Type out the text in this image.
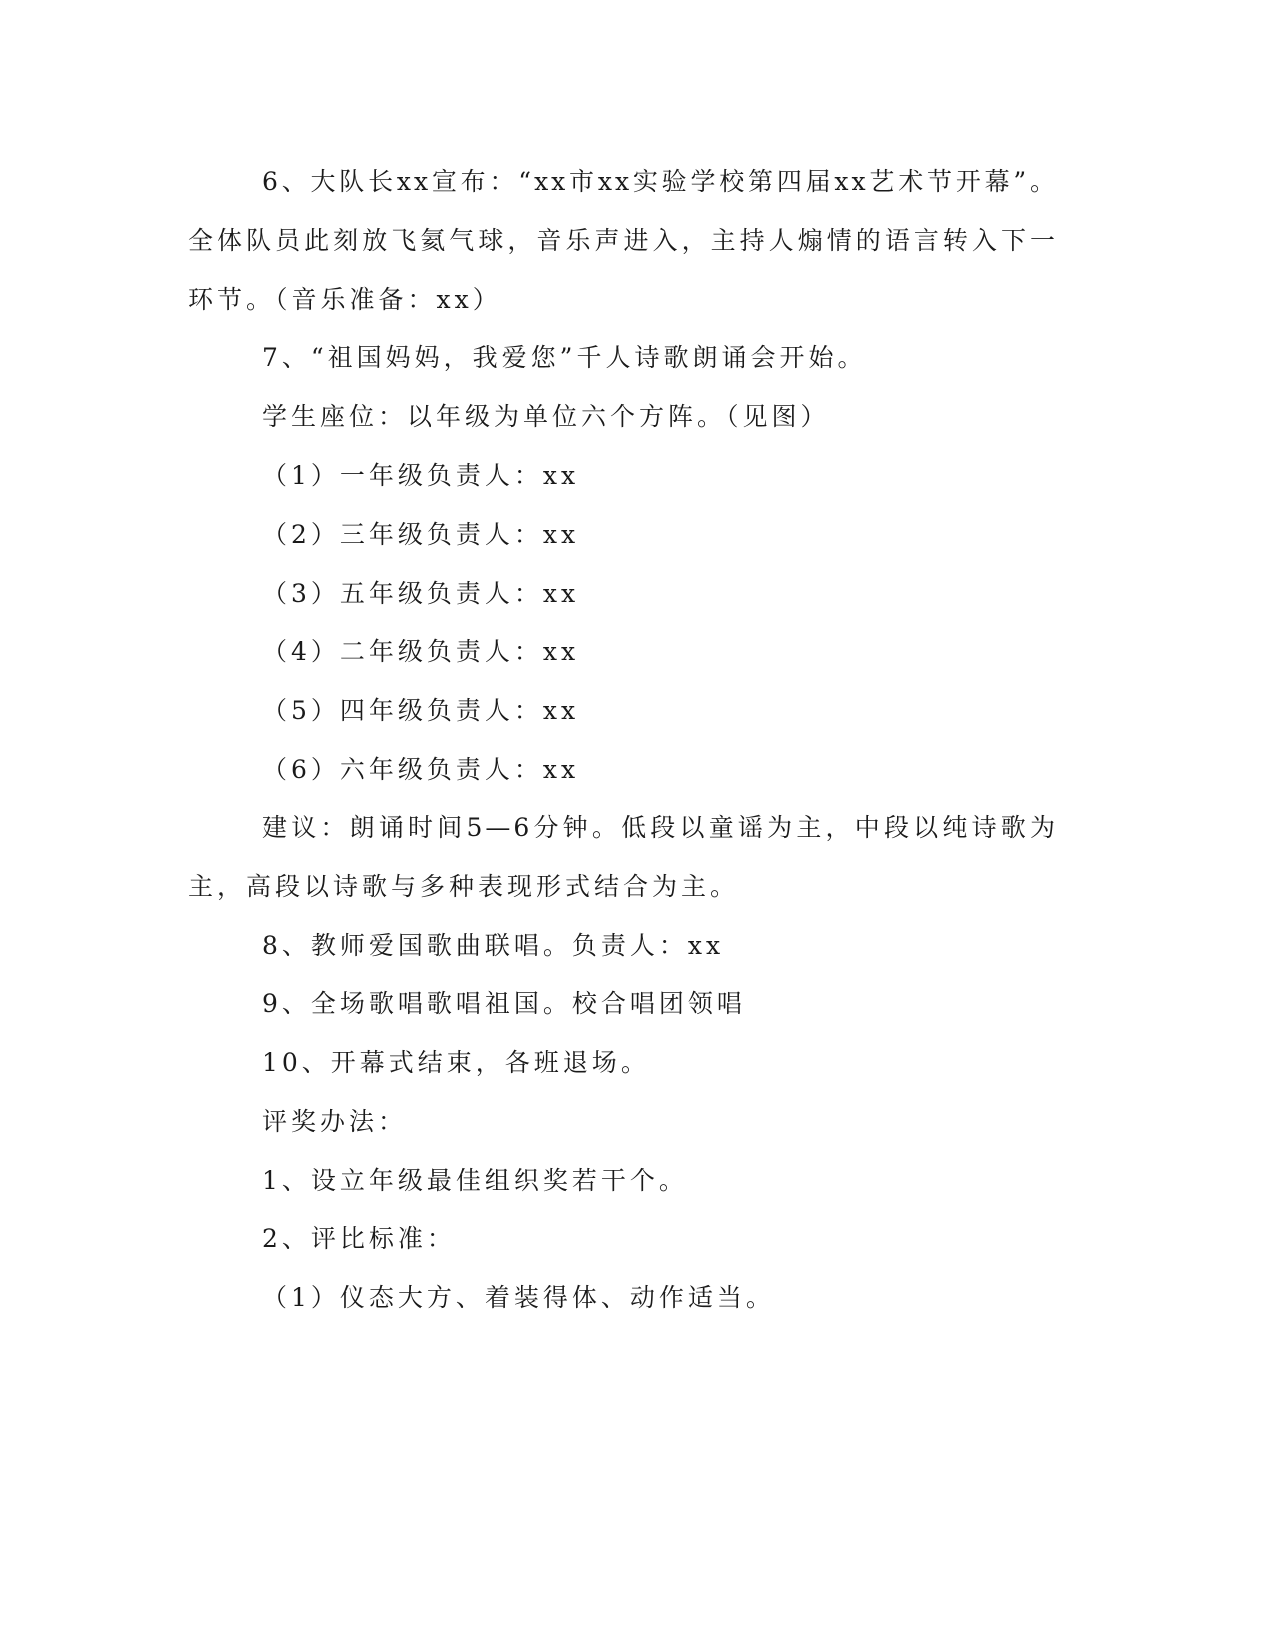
6、大队长xx宣布：“xx市xx实验学校第四届xx艺术节开幕”。
全体队员此刻放飞氦气球，音乐声进入，主持人煽情的语言转入下一
环节。（音乐准备：xx）
7、“祖国妈妈，我爱您”千人诗歌朗诵会开始。
学生座位：以年级为单位六个方阵。（见图）
（1）一年级负责人：xx
（2）三年级负责人：xx
（3）五年级负责人：xx
（4）二年级负责人：xx
（5）四年级负责人：xx
（6）六年级负责人：xx
建议：朗诵时间5—6分钟。低段以童谣为主，中段以纯诗歌为
主，高段以诗歌与多种表现形式结合为主。
8、教师爱国歌曲联唱。负责人：xx
9、全场歌唱歌唱祖国。校合唱团领唱
10、开幕式结束，各班退场。
评奖办法：
1、设立年级最佳组织奖若干个。
2、评比标准：
（1）仪态大方、着装得体、动作适当。
